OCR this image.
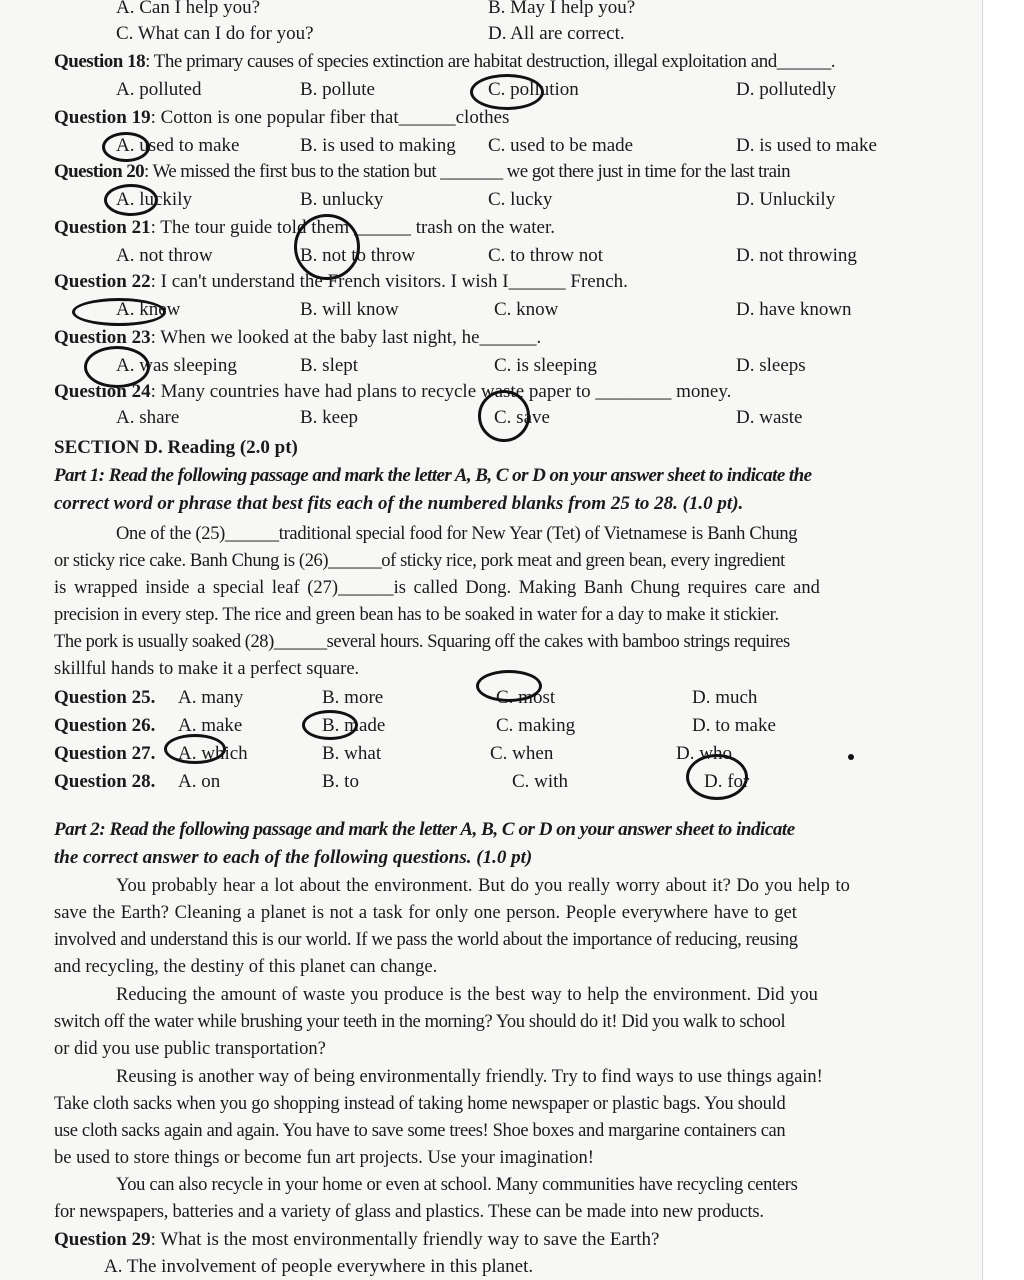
A. Can I help you?	B. May I help you?
C. What can I do for you?	D. All are correct.
Question 18: The primary causes of species extinction are habitat destruction, illegal exploitation and______.
A. polluted	B. pollute	C. pollution	D. pollutedly
Question 19: Cotton is one popular fiber that______clothes
A. used to make	B. is used to making C. used to be made	D. is used to make
Question 20: We missed the first bus to the station but _______ we got there just in time for the last train
A. luckily	B. unlucky	C. lucky	D. Unluckily
Question 21: The tour guide told them ______ trash on the water.
A. not throw	B. not to throw	C. to throw not	D. not throwing
Question 22: I can't understand the French visitors. I wish I______ French.
A. knew	B. will know	C. know	D. have known
Question 23: When we looked at the baby last night, he______.
A. was sleeping	B. slept	C. is sleeping	D. sleeps
Question 24: Many countries have had plans to recycle waste paper to ________ money.
A. share	B. keep	C. save	D. waste
SECTION D. Reading (2.0 pt)
Part 1: Read the following passage and mark the letter A, B, C or D on your answer sheet to indicate the
correct word or phrase that best fits each of the numbered blanks from 25 to 28. (1.0 pt).
One of the (25)______traditional special food for New Year (Tet) of Vietnamese is Banh Chung
or sticky rice cake. Banh Chung is (26)______of sticky rice, pork meat and green bean, every ingredient
is wrapped inside a special leaf (27)______is called Dong. Making Banh Chung requires care and
precision in every step. The rice and green bean has to be soaked in water for a day to make it stickier.
The pork is usually soaked (28)______several hours. Squaring off the cakes with bamboo strings requires
skillful hands to make it a perfect square.
Question 25. A. many	B. more	C. most	D. much
Question 26. A. make	B. made	C. making	D. to make
Question 27. A. which	B. what	C. when	D. who
Question 28. A. on	B. to	C. with	D. for
Part 2: Read the following passage and mark the letter A, B, C or D on your answer sheet to indicate
the correct answer to each of the following questions. (1.0 pt)
You probably hear a lot about the environment. But do you really worry about it? Do you help to
save the Earth? Cleaning a planet is not a task for only one person. People everywhere have to get
involved and understand this is our world. If we pass the world about the importance of reducing, reusing
and recycling, the destiny of this planet can change.
Reducing the amount of waste you produce is the best way to help the environment. Did you
switch off the water while brushing your teeth in the morning? You should do it! Did you walk to school
or did you use public transportation?
Reusing is another way of being environmentally friendly. Try to find ways to use things again!
Take cloth sacks when you go shopping instead of taking home newspaper or plastic bags. You should
use cloth sacks again and again. You have to save some trees! Shoe boxes and margarine containers can
be used to store things or become fun art projects. Use your imagination!
You can also recycle in your home or even at school. Many communities have recycling centers
for newspapers, batteries and a variety of glass and plastics. These can be made into new products.
Question 29: What is the most environmentally friendly way to save the Earth?
A. The involvement of people everywhere in this planet.
